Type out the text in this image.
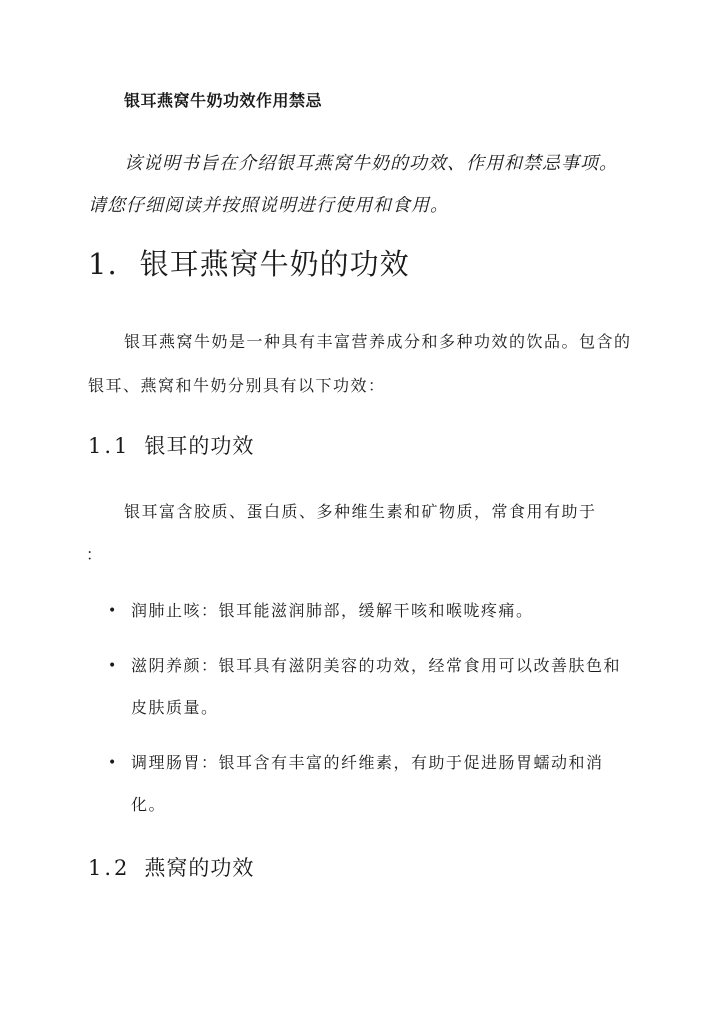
银耳燕窝牛奶功效作用禁忌
该说明书旨在介绍银耳燕窝牛奶的功效、作用和禁忌事项。请您仔细阅读并按照说明进行使用和食用。
1. 银耳燕窝牛奶的功效
银耳燕窝牛奶是一种具有丰富营养成分和多种功效的饮品。包含的银耳、燕窝和牛奶分别具有以下功效：
1.1 银耳的功效
银耳富含胶质、蛋白质、多种维生素和矿物质，常食用有助于
：
• 润肺止咳：银耳能滋润肺部，缓解干咳和喉咙疼痛。
• 滋阴养颜：银耳具有滋阴美容的功效，经常食用可以改善肤色和皮肤质量。
• 调理肠胃：银耳含有丰富的纤维素，有助于促进肠胃蠕动和消化。
1.2 燕窝的功效
